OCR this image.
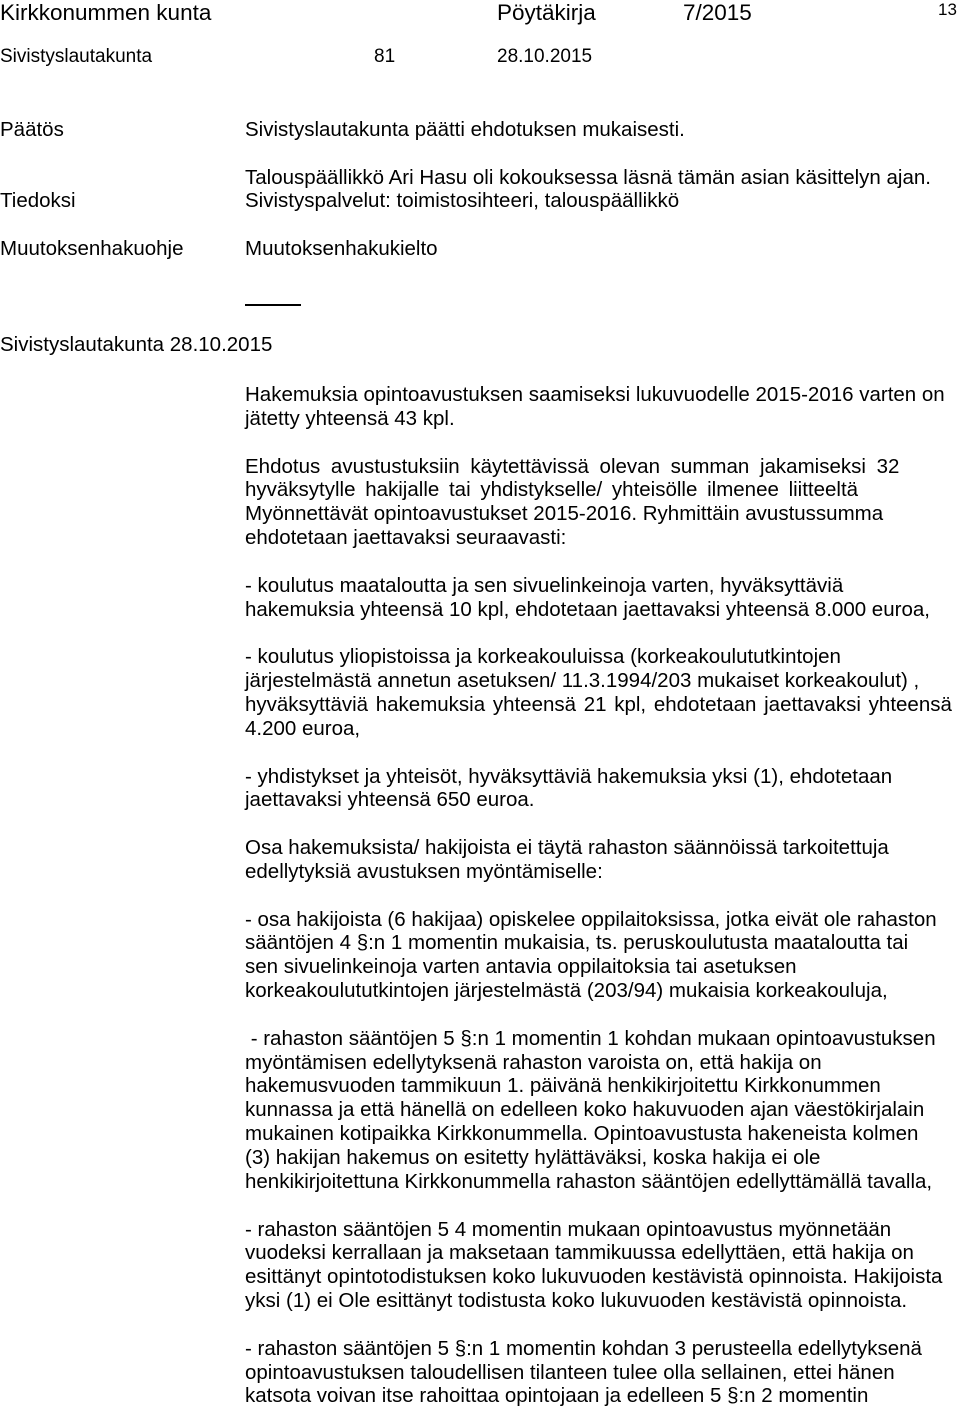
Kirkkonummen kunta	Pöytäkirja	7/2015	13
Sivistyslautakunta	81	28.10.2015
Päätös	Sivistyslautakunta päätti ehdotuksen mukaisesti.
Talouspäällikkö Ari Hasu oli kokouksessa läsnä tämän asian käsittelyn ajan.
Tiedoksi	Sivistyspalvelut: toimistosihteeri, talouspäällikkö
Muutoksenhakuohje	Muutoksenhakukielto
Sivistyslautakunta 28.10.2015
Hakemuksia opintoavustuksen saamiseksi lukuvuodelle 2015-2016 varten on
jätetty yhteensä 43 kpl.
Ehdotus avustustuksiin käytettävissä olevan summan jakamiseksi 32
hyväksytylle hakijalle tai yhdistykselle/ yhteisölle ilmenee liitteeltä
Myönnettävät opintoavustukset 2015-2016. Ryhmittäin avustussumma
ehdotetaan jaettavaksi seuraavasti:
- koulutus maataloutta ja sen sivuelinkeinoja varten, hyväksyttäviä
hakemuksia yhteensä 10 kpl, ehdotetaan jaettavaksi yhteensä 8.000 euroa,
- koulutus yliopistoissa ja korkeakouluissa (korkeakoulututkintojen
järjestelmästä annetun asetuksen/ 11.3.1994/203 mukaiset korkeakoulut) ,
hyväksyttäviä hakemuksia yhteensä 21 kpl, ehdotetaan jaettavaksi yhteensä
4.200 euroa,
- yhdistykset ja yhteisöt, hyväksyttäviä hakemuksia yksi (1), ehdotetaan
jaettavaksi yhteensä 650 euroa.
Osa hakemuksista/ hakijoista ei täytä rahaston säännöissä tarkoitettuja
edellytyksiä avustuksen myöntämiselle:
- osa hakijoista (6 hakijaa) opiskelee oppilaitoksissa, jotka eivät ole rahaston
sääntöjen 4 §:n 1 momentin mukaisia, ts. peruskoulutusta maataloutta tai
sen sivuelinkeinoja varten antavia oppilaitoksia tai asetuksen
korkeakoulututkintojen järjestelmästä (203/94) mukaisia korkeakouluja,
- rahaston sääntöjen 5 §:n 1 momentin 1 kohdan mukaan opintoavustuksen
myöntämisen edellytyksenä rahaston varoista on, että hakija on
hakemusvuoden tammikuun 1. päivänä henkikirjoitettu Kirkkonummen
kunnassa ja että hänellä on edelleen koko hakuvuoden ajan väestökirjalain
mukainen kotipaikka Kirkkonummella. Opintoavustusta hakeneista kolmen
(3) hakijan hakemus on esitetty hylättäväksi, koska hakija ei ole
henkikirjoitettuna Kirkkonummella rahaston sääntöjen edellyttämällä tavalla,
- rahaston sääntöjen 5 4 momentin mukaan opintoavustus myönnetään
vuodeksi kerrallaan ja maksetaan tammikuussa edellyttäen, että hakija on
esittänyt opintotodistuksen koko lukuvuoden kestävistä opinnoista. Hakijoista
yksi (1) ei Ole esittänyt todistusta koko lukuvuoden kestävistä opinnoista.
- rahaston sääntöjen 5 §:n 1 momentin kohdan 3 perusteella edellytyksenä
opintoavustuksen taloudellisen tilanteen tulee olla sellainen, ettei hänen
katsota voivan itse rahoittaa opintojaan ja edelleen 5 §:n 2 momentin
